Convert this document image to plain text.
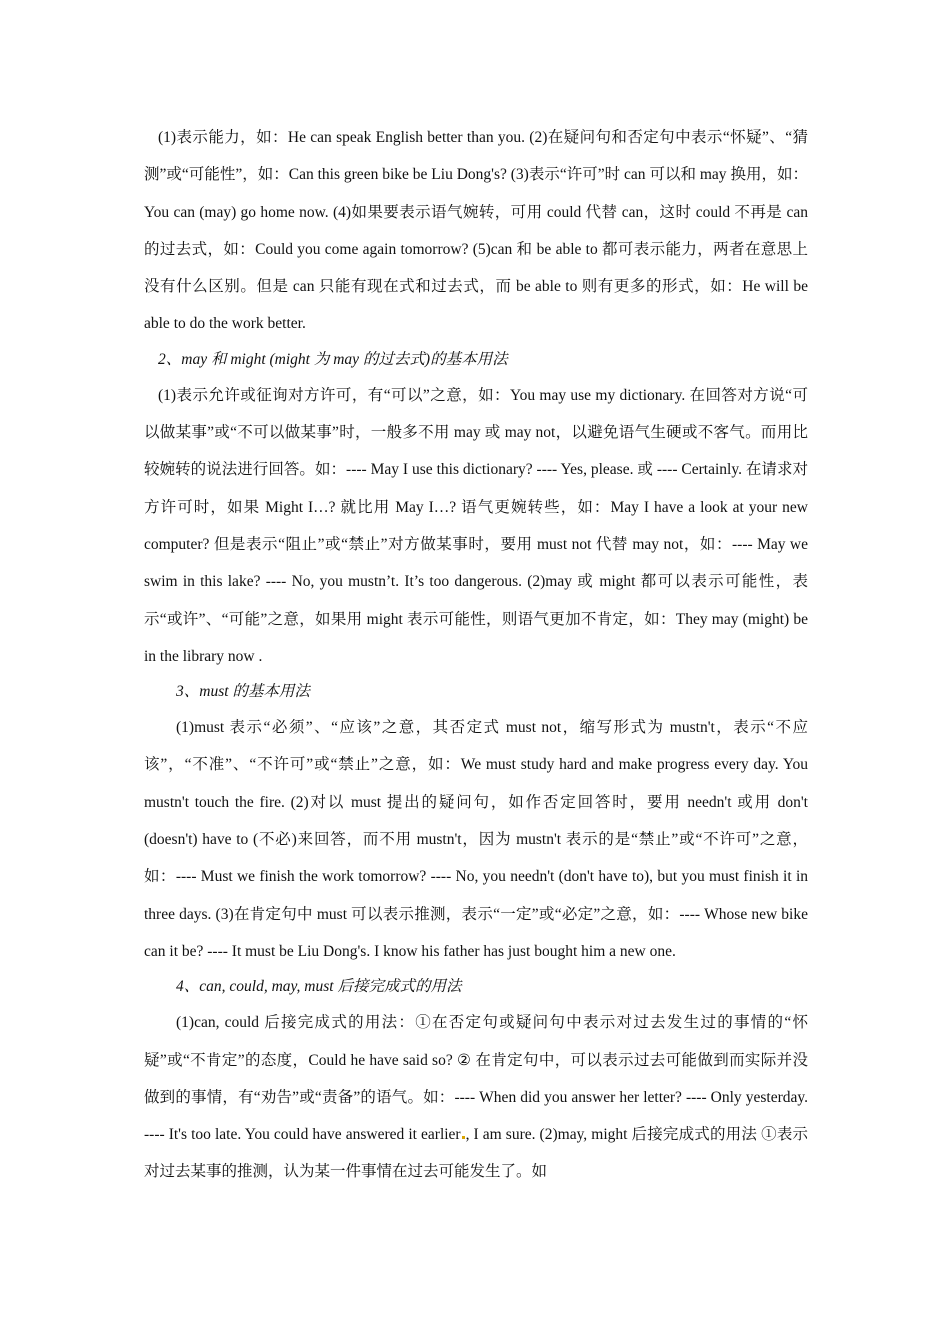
(1)表示能力，如：He can speak English better than you. (2)在疑问句和否定句中表示“怀疑”、“猜测”或“可能性”，如：Can this green bike be Liu Dong's? (3)表示“许可”时 can 可以和 may 换用，如：You can (may) go home now. (4)如果要表示语气婉转，可用 could 代替 can，这时 could 不再是 can 的过去式，如：Could you come again tomorrow? (5)can 和 be able to 都可表示能力，两者在意思上没有什么区别。但是 can 只能有现在式和过去式，而 be able to 则有更多的形式，如：He will be able to do the work better.

2、may 和 might (might 为 may 的过去式)的基本用法

(1)表示允许或征询对方许可，有“可以”之意，如：You may use my dictionary. 在回答对方说“可以做某事”或“不可以做某事”时，一般多不用 may 或 may not，以避免语气生硬或不客气。而用比较婉转的说法进行回答。如：---- May I use this dictionary? ---- Yes, please. 或 ---- Certainly. 在请求对方许可时，如果 Might I…? 就比用 May I…? 语气更婉转些，如：May I have a look at your new computer? 但是表示“阻止”或“禁止”对方做某事时，要用 must not 代替 may not，如：---- May we swim in this lake? ---- No, you mustn’t. It’s too dangerous. (2)may 或 might 都可以表示可能性，表示“或许”、“可能”之意，如果用 might 表示可能性，则语气更加不肯定，如：They may (might) be in the library now .

3、must 的基本用法

(1)must 表示“必须”、“应该”之意，其否定式 must not，缩写形式为 mustn't，表示“不应该”，“不准”、“不许可”或“禁止”之意，如：We must study hard and make progress every day. You mustn't touch the fire. (2)对以 must 提出的疑问句，如作否定回答时，要用 needn't 或用 don't (doesn't) have to (不必)来回答，而不用 mustn't，因为 mustn't 表示的是“禁止”或“不许可”之意，如：---- Must we finish the work tomorrow? ---- No, you needn't (don't have to), but you must finish it in three days. (3)在肯定句中 must 可以表示推测，表示“一定”或“必定”之意，如：---- Whose new bike can it be? ---- It must be Liu Dong's. I know his father has just bought him a new one.

4、can, could, may, must 后接完成式的用法

(1)can, could 后接完成式的用法：①在否定句或疑问句中表示对过去发生过的事情的“怀疑”或“不肯定”的态度，Could he have said so? ② 在肯定句中，可以表示过去可能做到而实际并没做到的事情，有“劝告”或“责备”的语气。如：---- When did you answer her letter? ---- Only yesterday. ---- It's too late. You could have answered it earlier , I am sure. (2)may, might 后接完成式的用法 ①表示对过去某事的推测，认为某一件事情在过去可能发生了。如
